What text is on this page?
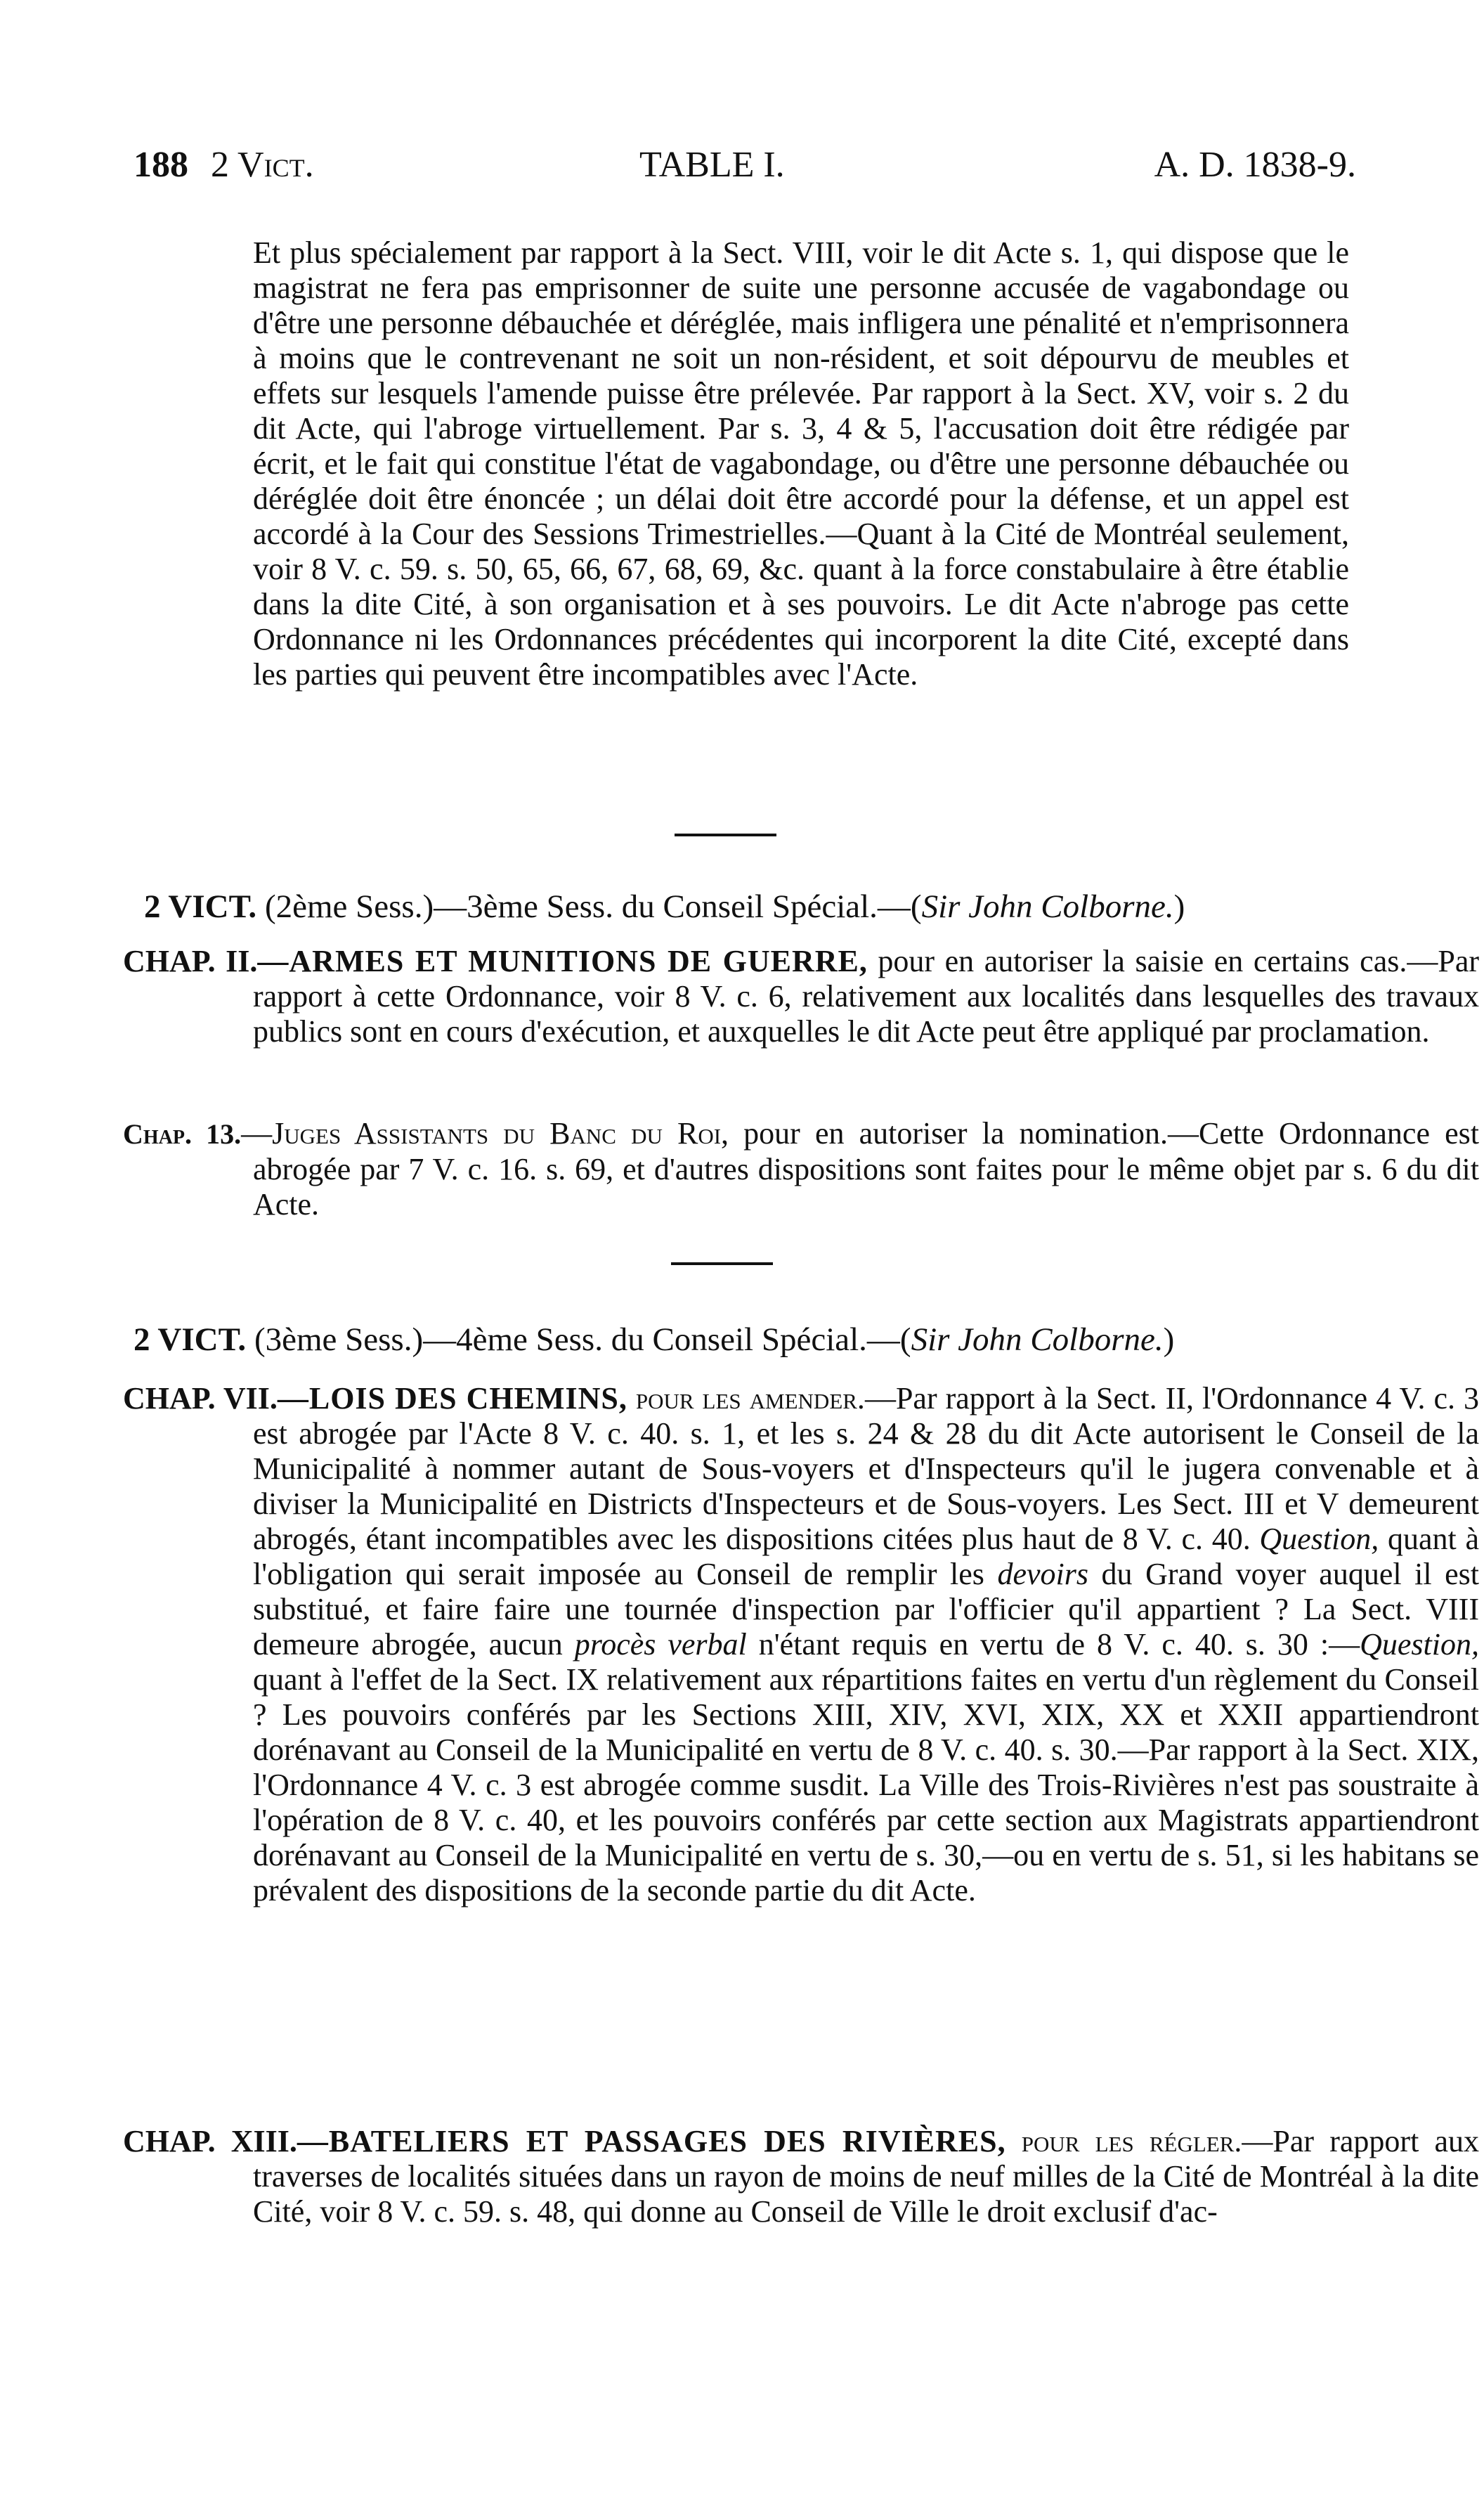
188 2 Vict.	TABLE I.	A. D. 1838-9.

Et plus spécialement par rapport à la Sect. VIII, voir le dit Acte s. 1, qui dispose que le magistrat ne fera pas emprisonner de suite une personne accusée de vagabondage ou d'être une personne débauchée et déréglée, mais infligera une pénalité et n'emprisonnera à moins que le contrevenant ne soit un non-résident, et soit dépourvu de meubles et effets sur lesquels l'amende puisse être prélevée. Par rapport à la Sect. XV, voir s. 2 du dit Acte, qui l'abroge virtuellement. Par s. 3, 4 & 5, l'accusation doit être rédigée par écrit, et le fait qui constitue l'état de vagabondage, ou d'être une personne débauchée ou déréglée doit être énoncée ; un délai doit être accordé pour la défense, et un appel est accordé à la Cour des Sessions Trimestrielles.—Quant à la Cité de Montréal seulement, voir 8 V. c. 59. s. 50, 65, 66, 67, 68, 69, &c. quant à la force constabulaire à être établie dans la dite Cité, à son organisation et à ses pouvoirs. Le dit Acte n'abroge pas cette Ordonnance ni les Ordonnances précédentes qui incorporent la dite Cité, excepté dans les parties qui peuvent être incompatibles avec l'Acte.

2 VICT. (2ème Sess.)—3ème Sess. du Conseil Spécial.—(Sir John Colborne.)

CHAP. II.—ARMES ET MUNITIONS DE GUERRE, pour en autoriser la saisie en certains cas.—Par rapport à cette Ordonnance, voir 8 V. c. 6, relativement aux localités dans lesquelles des travaux publics sont en cours d'exécution, et auxquelles le dit Acte peut être appliqué par proclamation.

Chap. 13.—Juges Assistants du Banc du Roi, pour en autoriser la nomination.—Cette Ordonnance est abrogée par 7 V. c. 16. s. 69, et d'autres dispositions sont faites pour le même objet par s. 6 du dit Acte.

2 VICT. (3ème Sess.)—4ème Sess. du Conseil Spécial.—(Sir John Colborne.)

CHAP. VII.—LOIS DES CHEMINS, pour les amender.—Par rapport à la Sect. II, l'Ordonnance 4 V. c. 3 est abrogée par l'Acte 8 V. c. 40. s. 1, et les s. 24 & 28 du dit Acte autorisent le Conseil de la Municipalité à nommer autant de Sous-voyers et d'Inspecteurs qu'il le jugera convenable et à diviser la Municipalité en Districts d'Inspecteurs et de Sous-voyers. Les Sect. III et V demeurent abrogés, étant incompatibles avec les dispositions citées plus haut de 8 V. c. 40. Question, quant à l'obligation qui serait imposée au Conseil de remplir les devoirs du Grand voyer auquel il est substitué, et faire faire une tournée d'inspection par l'officier qu'il appartient ? La Sect. VIII demeure abrogée, aucun procès verbal n'étant requis en vertu de 8 V. c. 40. s. 30 :—Question, quant à l'effet de la Sect. IX relativement aux répartitions faites en vertu d'un règlement du Conseil ? Les pouvoirs conférés par les Sections XIII, XIV, XVI, XIX, XX et XXII appartiendront dorénavant au Conseil de la Municipalité en vertu de 8 V. c. 40. s. 30.—Par rapport à la Sect. XIX, l'Ordonnance 4 V. c. 3 est abrogée comme susdit. La Ville des Trois-Rivières n'est pas soustraite à l'opération de 8 V. c. 40, et les pouvoirs conférés par cette section aux Magistrats appartiendront dorénavant au Conseil de la Municipalité en vertu de s. 30,—ou en vertu de s. 51, si les habitans se prévalent des dispositions de la seconde partie du dit Acte.

CHAP. XIII.—BATELIERS ET PASSAGES DES RIVIÈRES, pour les régler.—Par rapport aux traverses de localités situées dans un rayon de moins de neuf milles de la Cité de Montréal à la dite Cité, voir 8 V. c. 59. s. 48, qui donne au Conseil de Ville le droit exclusif d'ac-
